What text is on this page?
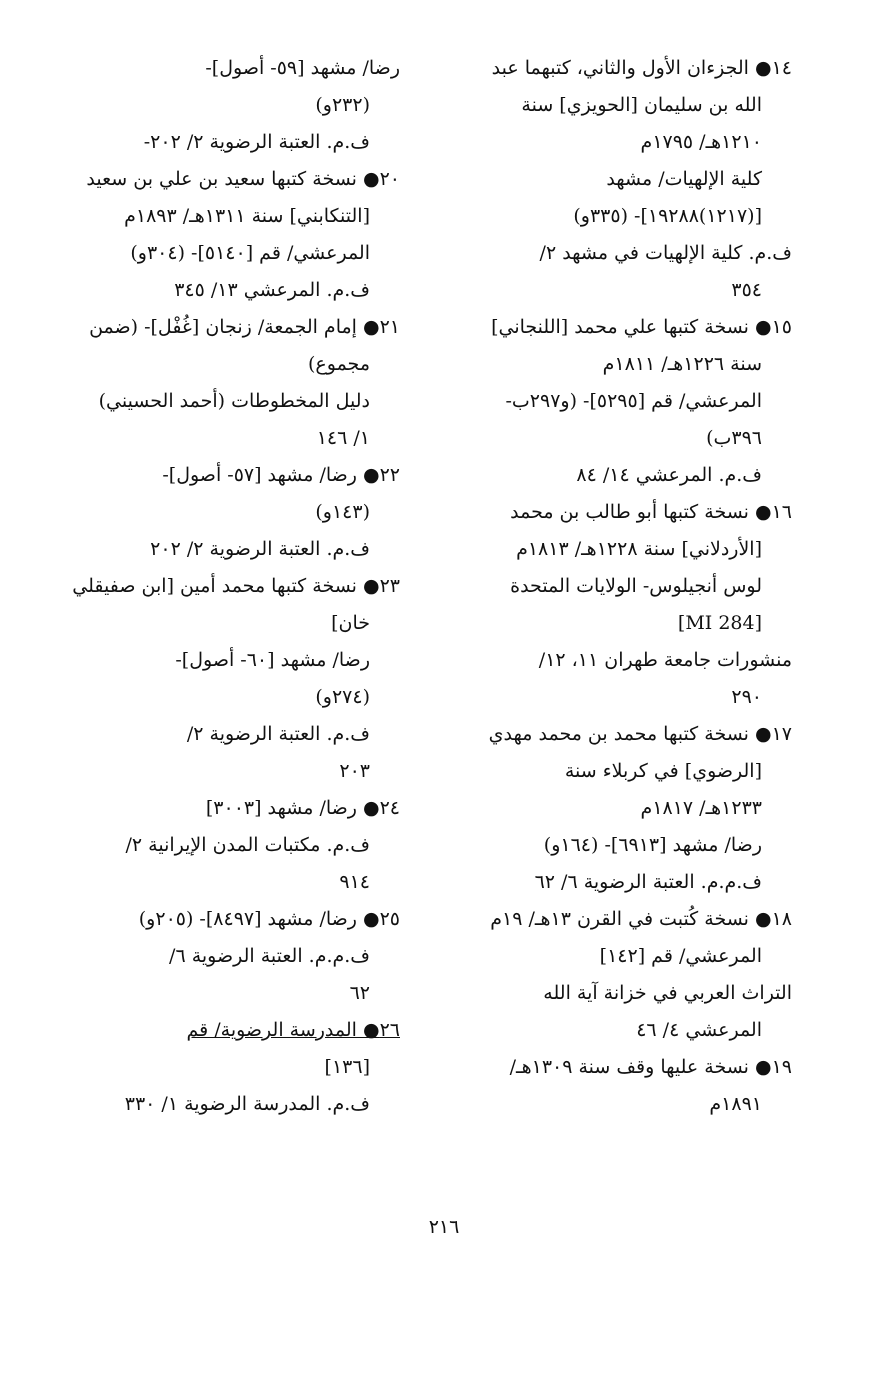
١٤● الجزءان الأول والثاني، كتبهما عبد
الله بن سليمان [الحويزي] سنة
١٢١٠هـ/ ١٧٩٥م
كلية الإلهيات/ مشهد
[(١٢١٧)١٩٢٨٨]- (٣٣٥و)
ف.م. كلية الإلهيات في مشهد ٢/
٣٥٤
١٥● نسخة كتبها علي محمد [اللنجاني]
سنة ١٢٢٦هـ/ ١٨١١م
المرعشي/ قم [٥٢٩٥]- (و٢٩٧ب-
٣٩٦ب)
ف.م. المرعشي ١٤/ ٨٤
١٦● نسخة كتبها أبو طالب بن محمد
[الأردلاني] سنة ١٢٢٨هـ/ ١٨١٣م
لوس أنجيلوس- الولايات المتحدة
[MI 284]
منشورات جامعة طهران ١١، ١٢/
٢٩٠
١٧● نسخة كتبها محمد بن محمد مهدي
[الرضوي] في كربلاء سنة
١٢٣٣هـ/ ١٨١٧م
رضا/ مشهد [٦٩١٣]- (١٦٤و)
ف.م.م. العتبة الرضوية ٦/ ٦٢
١٨● نسخة كُتبت في القرن ١٣هـ/ ١٩م
المرعشي/ قم [١٤٢]
التراث العربي في خزانة آية الله
المرعشي ٤/ ٤٦
١٩● نسخة عليها وقف سنة ١٣٠٩هـ/
١٨٩١م
رضا/ مشهد [٥٩- أصول]-
(٢٣٢و)
ف.م. العتبة الرضوية ٢/ ٢٠٢-
٢٠● نسخة كتبها سعيد بن علي بن سعيد
[التنكابني] سنة ١٣١١هـ/ ١٨٩٣م
المرعشي/ قم [٥١٤٠]- (٣٠٤و)
ف.م. المرعشي ١٣/ ٣٤٥
٢١● إمام الجمعة/ زنجان [غُفْل]- (ضمن
مجموع)
دليل المخطوطات (أحمد الحسيني)
١/ ١٤٦
٢٢● رضا/ مشهد [٥٧- أصول]-
(١٤٣و)
ف.م. العتبة الرضوية ٢/ ٢٠٢
٢٣● نسخة كتبها محمد أمين [ابن صفيقلي
خان]
رضا/ مشهد [٦٠- أصول]-
(٢٧٤و)
ف.م. العتبة الرضوية ٢/
٢٠٣
٢٤● رضا/ مشهد [٣٠٠٣]
ف.م. مكتبات المدن الإيرانية ٢/
٩١٤
٢٥● رضا/ مشهد [٨٤٩٧]- (٢٠٥و)
ف.م.م. العتبة الرضوية ٦/
٦٢
٢٦● المدرسة الرضوية/ قم
[١٣٦]
ف.م. المدرسة الرضوية ١/ ٣٣٠
٢١٦
